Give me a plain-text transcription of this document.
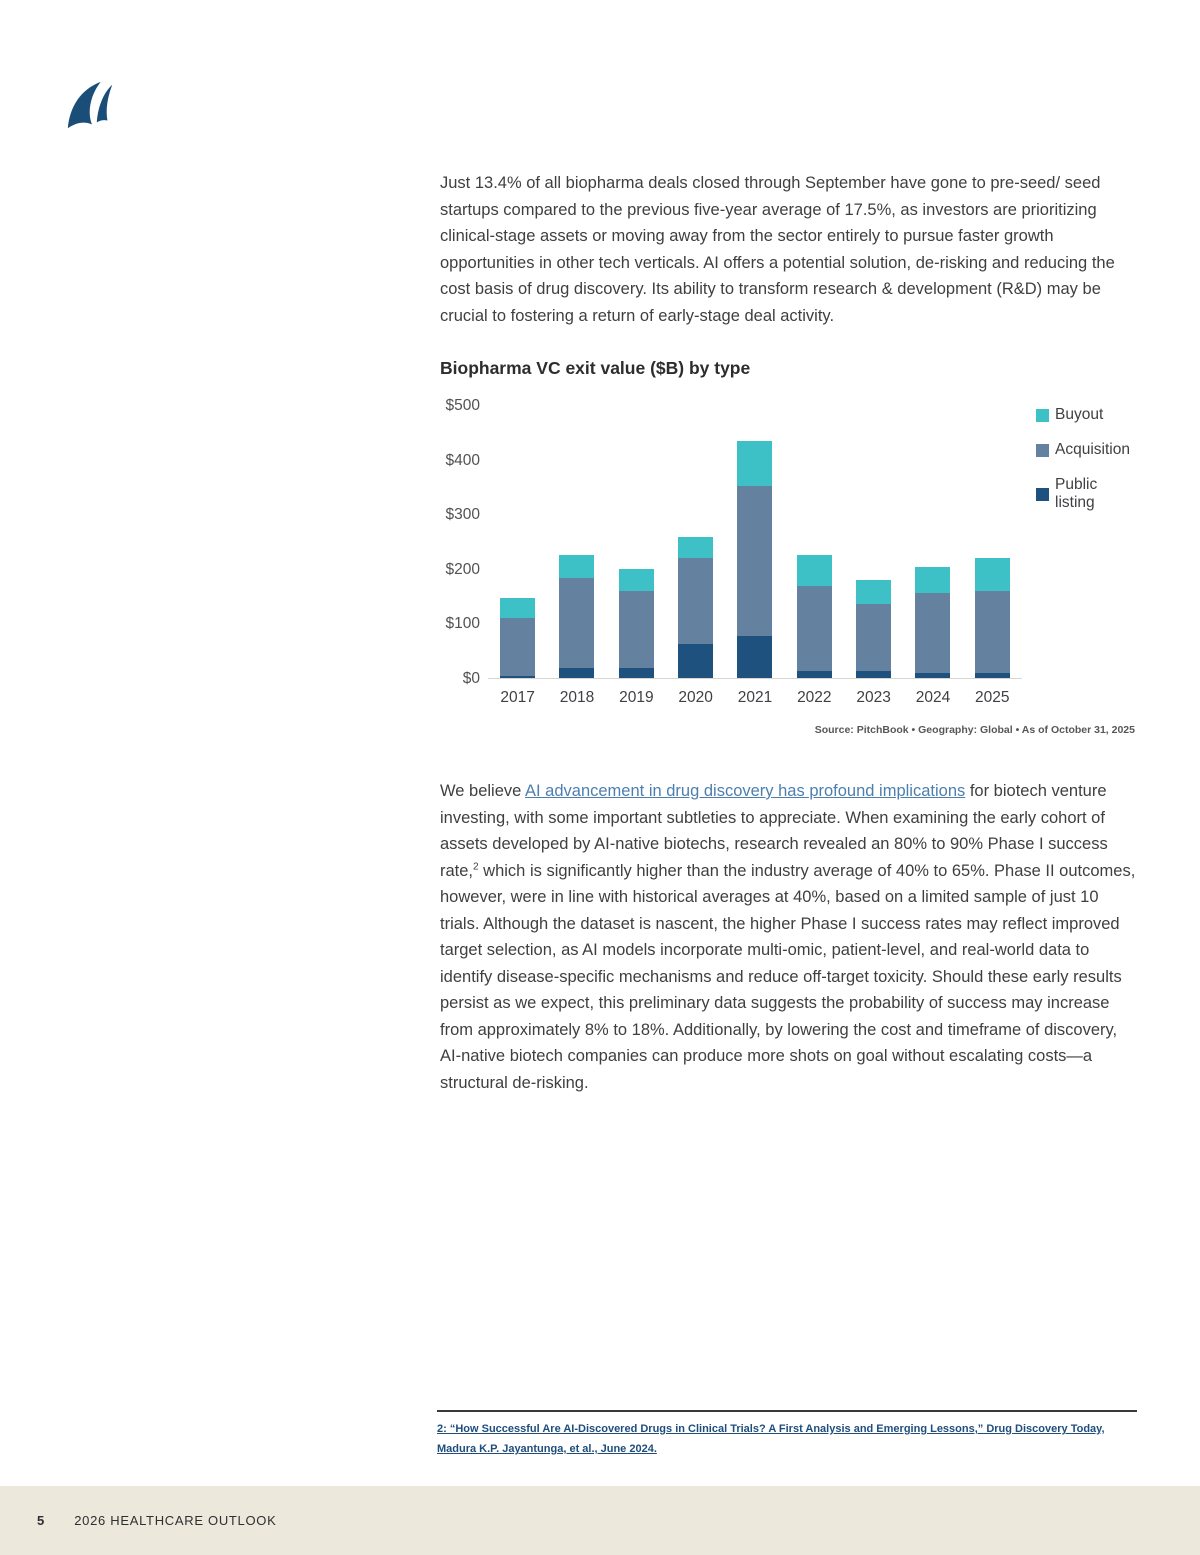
Just 13.4% of all biopharma deals closed through September have gone to pre-seed/ seed startups compared to the previous five-year average of 17.5%, as investors are prioritizing clinical-stage assets or moving away from the sector entirely to pursue faster growth opportunities in other tech verticals. AI offers a potential solution, de-risking and reducing the cost basis of drug discovery. Its ability to transform research & development (R&D) may be crucial to fostering a return of early-stage deal activity.

Biopharma VC exit value ($B) by type
$500
$400
$300
$200
$100
$0
Buyout
Acquisition
Public listing
2017	2018	2019	2020	2021	2022	2023	2024	2025
Source: PitchBook • Geography: Global • As of October 31, 2025

We believe AI advancement in drug discovery has profound implications for biotech venture investing, with some important subtleties to appreciate. When examining the early cohort of assets developed by AI-native biotechs, research revealed an 80% to 90% Phase I success rate,$^2$ which is significantly higher than the industry average of 40% to 65%. Phase II outcomes, however, were in line with historical averages at 40%, based on a limited sample of just 10 trials. Although the dataset is nascent, the higher Phase I success rates may reflect improved target selection, as AI models incorporate multi-omic, patient-level, and real-world data to identify disease-specific mechanisms and reduce off-target toxicity. Should these early results persist as we expect, this preliminary data suggests the probability of success may increase from approximately 8% to 18%. Additionally, by lowering the cost and timeframe of discovery, AI-native biotech companies can produce more shots on goal without escalating costs—a structural de-risking.

2: “How Successful Are AI-Discovered Drugs in Clinical Trials? A First Analysis and Emerging Lessons,” Drug Discovery Today, Madura K.P. Jayantunga, et al., June 2024.
5 2026 HEALTHCARE OUTLOOK
